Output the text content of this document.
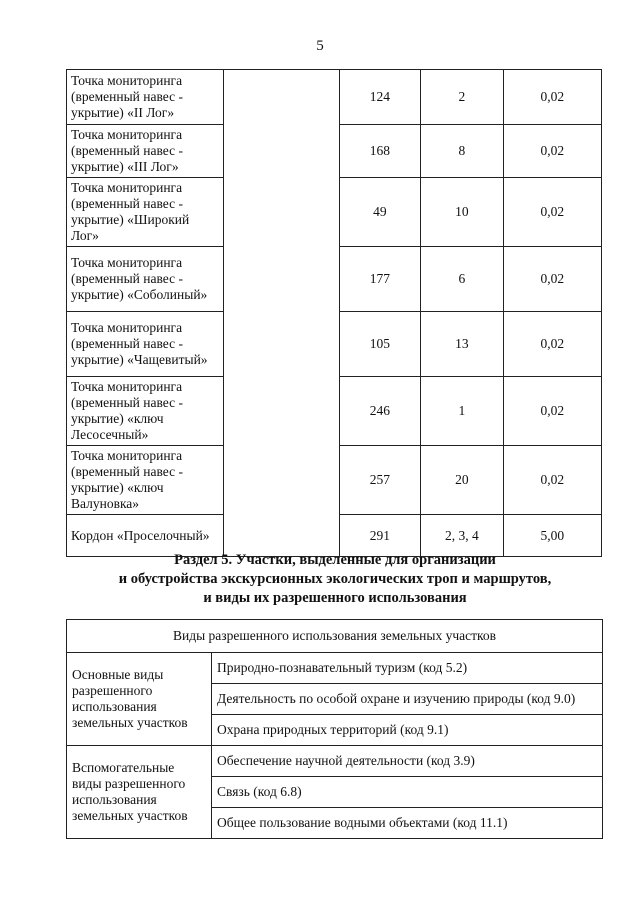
5
Точка мониторинга (временный навес - укрытие) «II Лог»		124	2	0,02
Точка мониторинга (временный навес - укрытие) «III Лог»		168	8	0,02
Точка мониторинга (временный навес - укрытие) «Широкий Лог»		49	10	0,02
Точка мониторинга (временный навес - укрытие) «Соболиный»		177	6	0,02
Точка мониторинга (временный навес - укрытие) «Чащевитый»		105	13	0,02
Точка мониторинга (временный навес - укрытие) «ключ Лесосечный»		246	1	0,02
Точка мониторинга (временный навес - укрытие) «ключ Валуновка»		257	20	0,02
Кордон «Проселочный»		291	2, 3, 4	5,00
Раздел 5. Участки, выделенные для организации
и обустройства экскурсионных экологических троп и маршрутов,
и виды их разрешенного использования
Виды разрешенного использования земельных участков	
Основные виды разрешенного использования земельных участков	Природно-познавательный туризм (код 5.2)
	Деятельность по особой охране и изучению природы (код 9.0)
	Охрана природных территорий (код 9.1)
Вспомогательные виды разрешенного использования земельных участков	Обеспечение научной деятельности (код 3.9)
	Связь (код 6.8)
	Общее пользование водными объектами (код 11.1)
